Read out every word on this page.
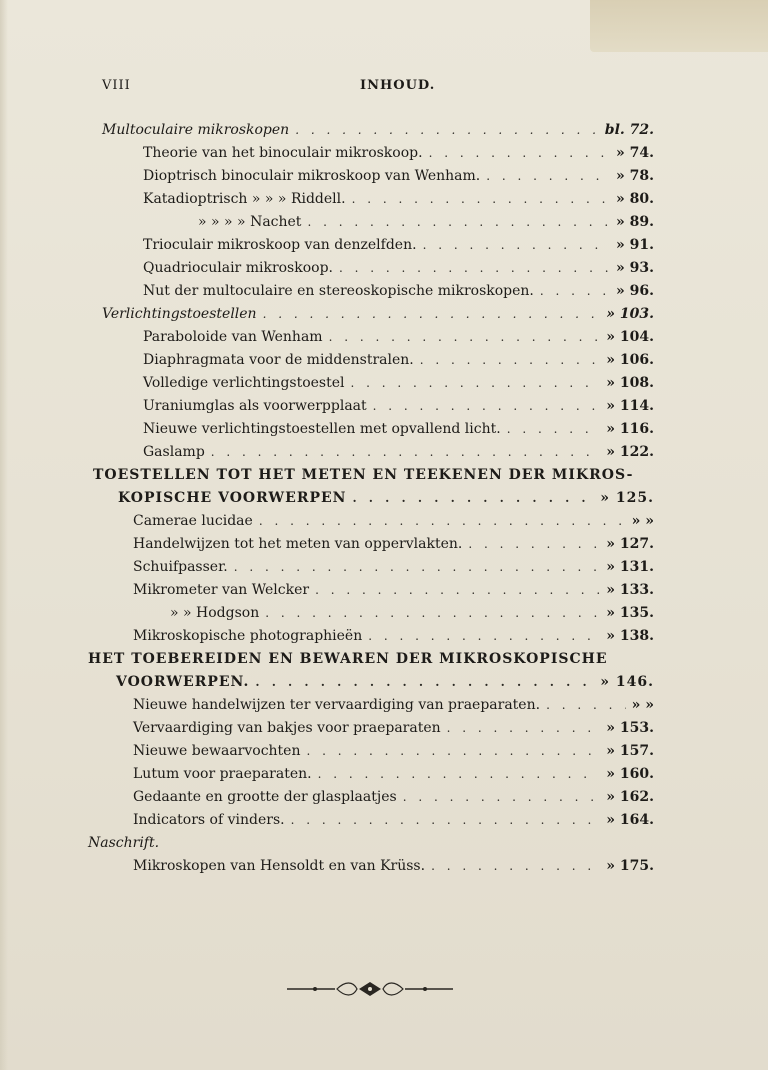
VIII	INHOUD.
Multoculaire mikroskopen . . .	bl. 72.
Theorie van het binoculair mikroskoop. . . .	» 74.
Dioptrisch binoculair mikroskoop van Wenham. . . .	» 78.
Katadioptrisch » » » Riddell. . . .	» 80.
» » » » Nachet . . .	» 89.
Trioculair mikroskoop van denzelfden. . . .	» 91.
Quadrioculair mikroskoop. . . .	» 93.
Nut der multoculaire en stereoskopische mikroskopen. . . .	» 96.
Verlichtingstoestellen . . .	» 103.
Paraboloide van Wenham . . .	» 104.
Diaphragmata voor de middenstralen. . . .	» 106.
Volledige verlichtingstoestel . . .	» 108.
Uraniumglas als voorwerpplaat . . .	» 114.
Nieuwe verlichtingstoestellen met opvallend licht. . . .	» 116.
Gaslamp . . .	» 122.
TOESTELLEN TOT HET METEN EN TEEKENEN DER MIKROS-
KOPISCHE VOORWERPEN . . .	» 125.
Camerae lucidae . . .	» »
Handelwijzen tot het meten van oppervlakten. . . .	» 127.
Schuifpasser. . . .	» 131.
Mikrometer van Welcker . . .	» 133.
» » Hodgson . . .	» 135.
Mikroskopische photographieën . . .	» 138.
HET TOEBEREIDEN EN BEWAREN DER MIKROSKOPISCHE
VOORWERPEN. . . .	» 146.
Nieuwe handelwijzen ter vervaardiging van praeparaten. . . .	» »
Vervaardiging van bakjes voor praeparaten . . .	» 153.
Nieuwe bewaarvochten . . .	» 157.
Lutum voor praeparaten. . . .	» 160.
Gedaante en grootte der glasplaatjes . . .	» 162.
Indicators of vinders. . . .	» 164.
Naschrift.
Mikroskopen van Hensoldt en van Krüss. . . .	» 175.
